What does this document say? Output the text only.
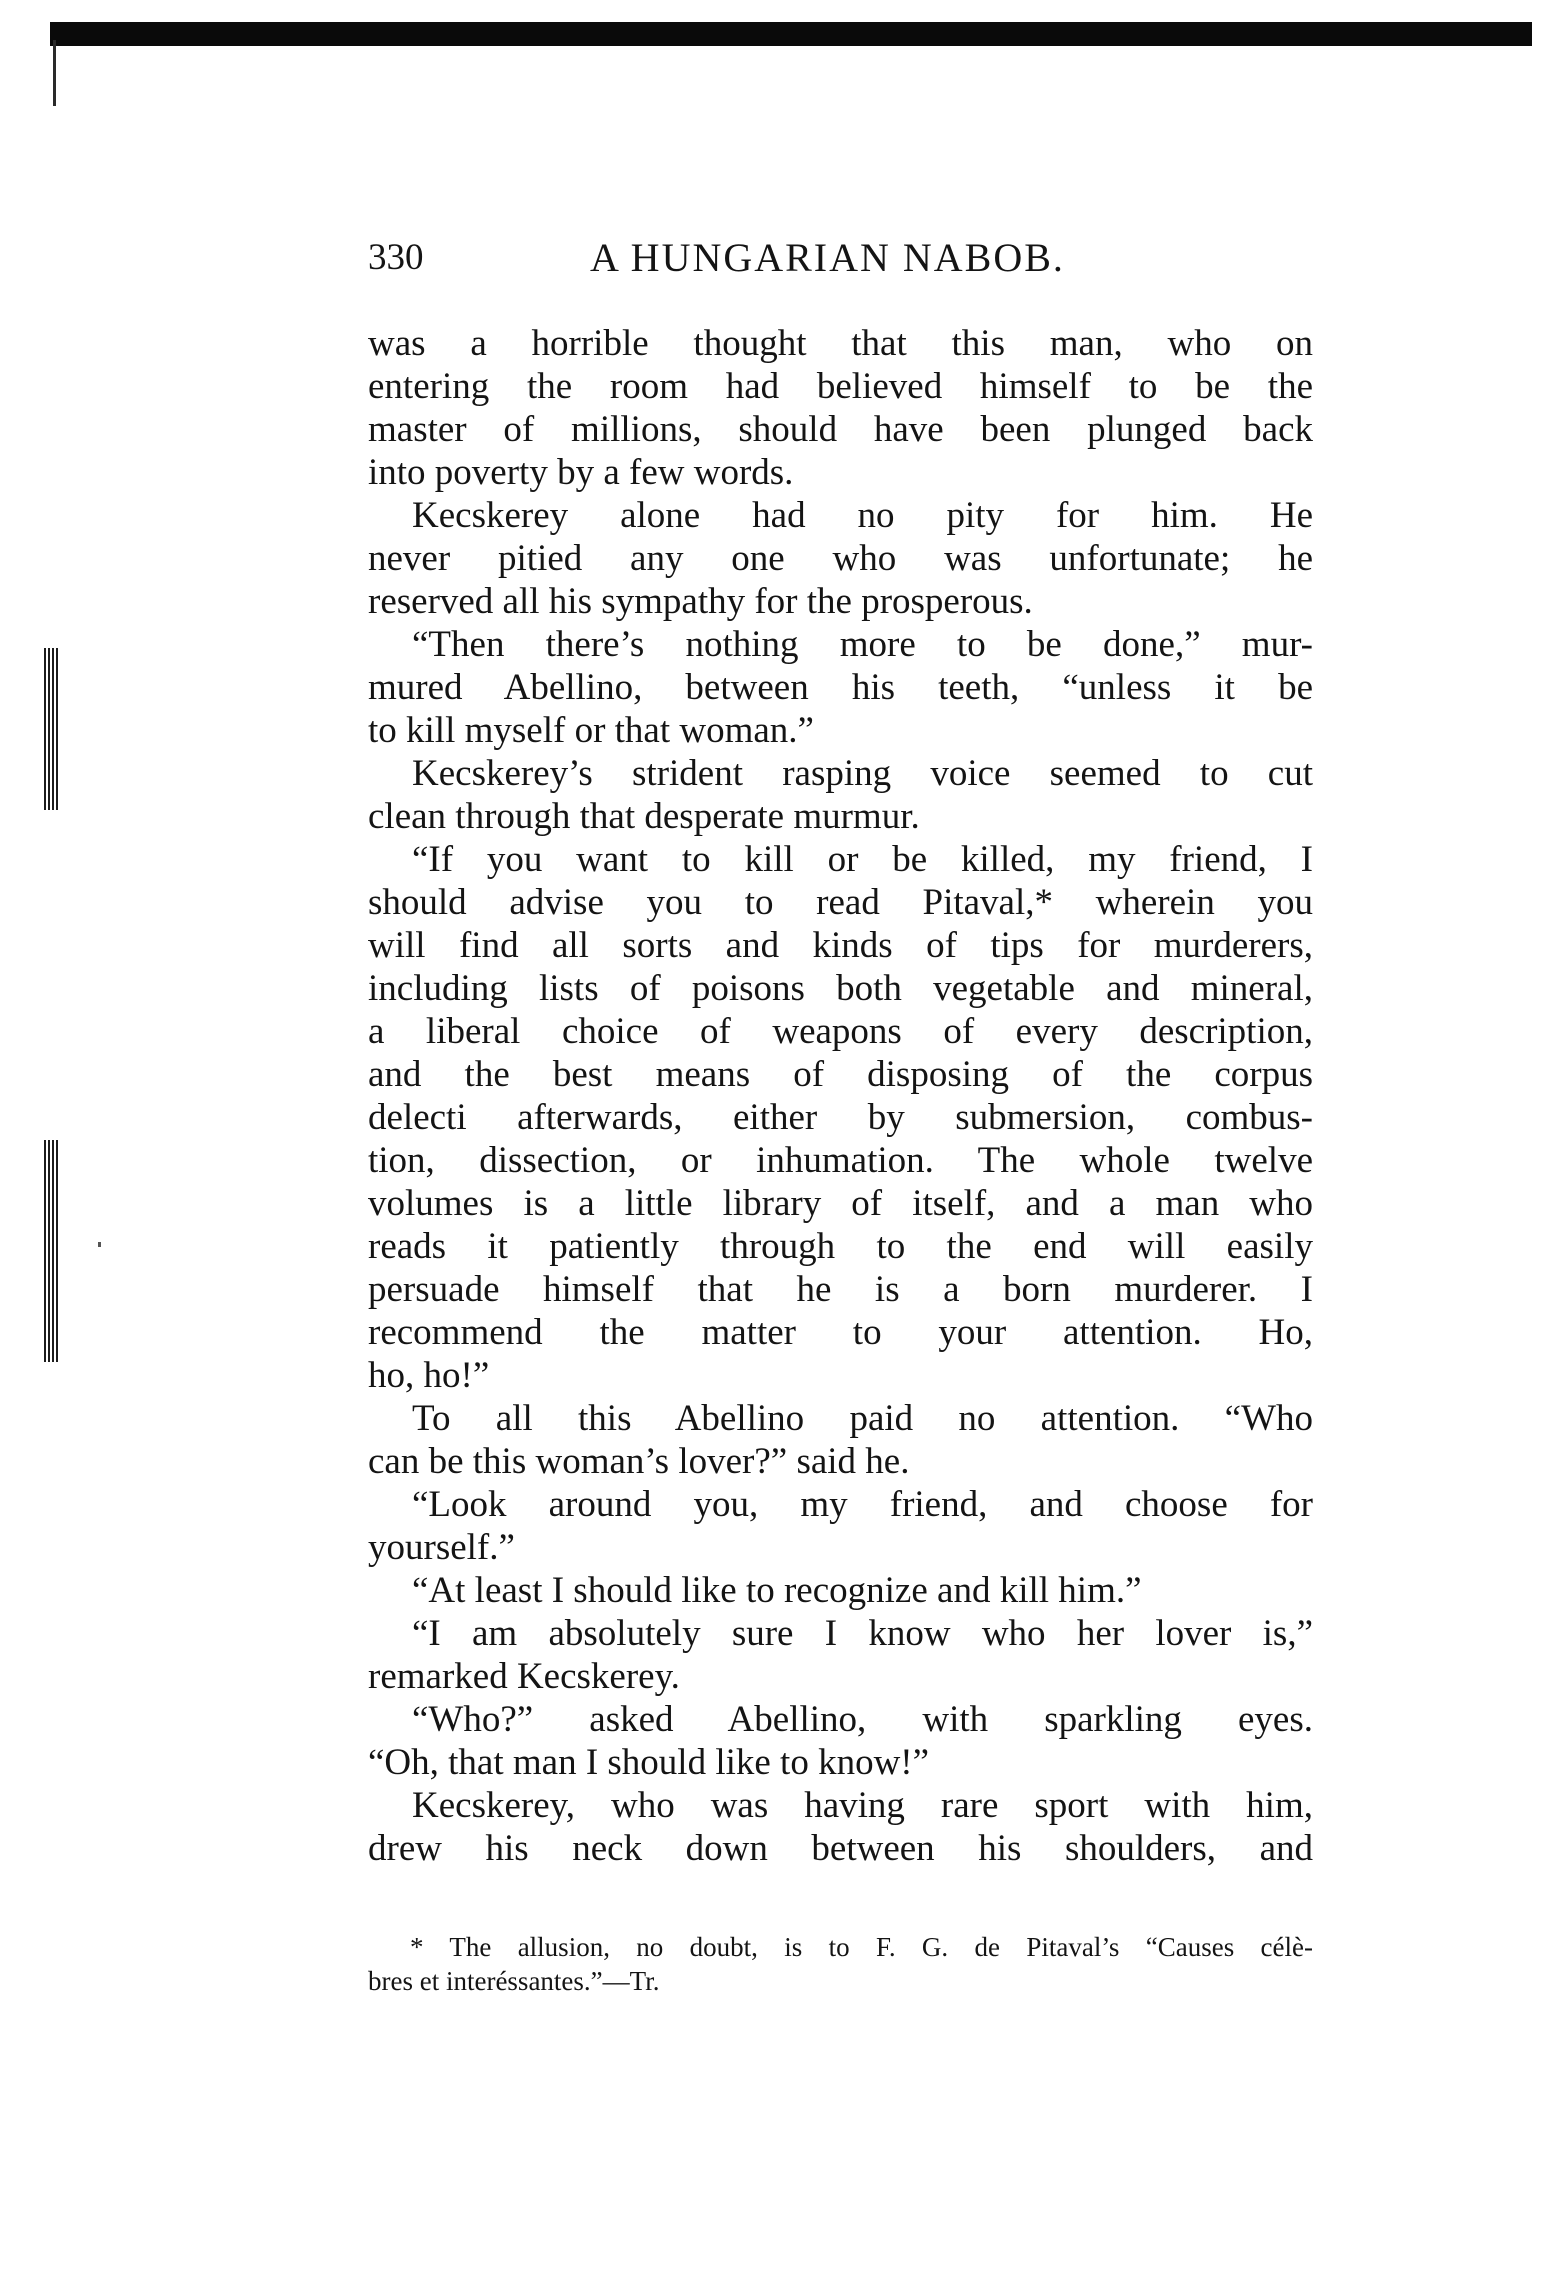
330	A HUNGARIAN NABOB.
was a horrible thought that this man, who on
entering the room had believed himself to be the
master of millions, should have been plunged back
into poverty by a few words.
Kecskerey alone had no pity for him. He
never pitied any one who was unfortunate; he
reserved all his sympathy for the prosperous.
“Then there’s nothing more to be done,” mur-
mured Abellino, between his teeth, “unless it be
to kill myself or that woman.”
Kecskerey’s strident rasping voice seemed to cut
clean through that desperate murmur.
“If you want to kill or be killed, my friend, I
should advise you to read Pitaval,* wherein you
will find all sorts and kinds of tips for murderers,
including lists of poisons both vegetable and mineral,
a liberal choice of weapons of every description,
and the best means of disposing of the corpus
delecti afterwards, either by submersion, combus-
tion, dissection, or inhumation. The whole twelve
volumes is a little library of itself, and a man who
reads it patiently through to the end will easily
persuade himself that he is a born murderer. I
recommend the matter to your attention. Ho,
ho, ho!”
To all this Abellino paid no attention. “Who
can be this woman’s lover?” said he.
“Look around you, my friend, and choose for
yourself.”
“At least I should like to recognize and kill him.”
“I am absolutely sure I know who her lover is,”
remarked Kecskerey.
“Who?” asked Abellino, with sparkling eyes.
“Oh, that man I should like to know!”
Kecskerey, who was having rare sport with him,
drew his neck down between his shoulders, and
* The allusion, no doubt, is to F. G. de Pitaval’s “Causes célè-
bres et interéssantes.”—Tr.
